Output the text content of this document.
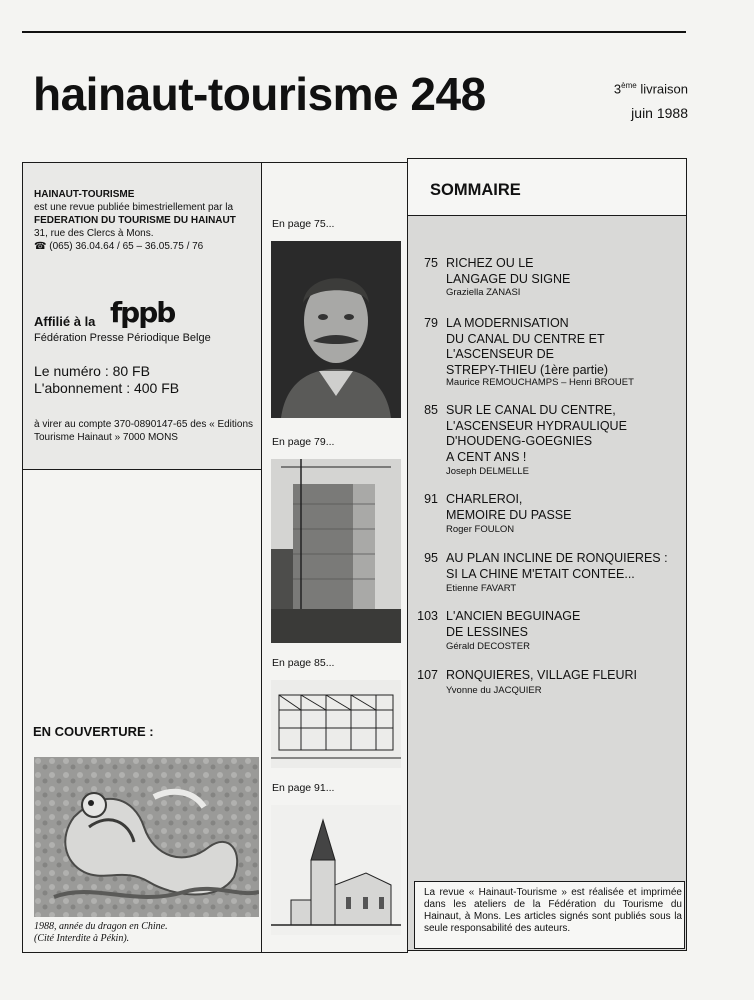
hainaut-tourisme 248	3ème livraison
juin 1988
HAINAUT-TOURISME
est une revue publiée bimestriellement par la
FEDERATION DU TOURISME DU HAINAUT
31, rue des Clercs à Mons.
☎ (065) 36.04.64 / 65 – 36.05.75 / 76
Affilié à la fppb
Fédération Presse Périodique Belge
Le numéro : 80 FB
L'abonnement : 400 FB
à virer au compte 370-0890147-65 des « Editions Tourisme Hainaut » 7000 MONS
EN COUVERTURE :
1988, année du dragon en Chine.
(Cité Interdite à Pékin).
En page 75...
En page 79...
En page 85...
En page 91...
SOMMAIRE
75 RICHEZ OU LE
LANGAGE DU SIGNE
Graziella ZANASI
79 LA MODERNISATION
DU CANAL DU CENTRE ET
L'ASCENSEUR DE
STREPY-THIEU (1ère partie)
Maurice REMOUCHAMPS – Henri BROUET
85 SUR LE CANAL DU CENTRE,
L'ASCENSEUR HYDRAULIQUE
D'HOUDENG-GOEGNIES
A CENT ANS !
Joseph DELMELLE
91 CHARLEROI,
MEMOIRE DU PASSE
Roger FOULON
95 AU PLAN INCLINE DE RONQUIERES :
SI LA CHINE M'ETAIT CONTEE...
Etienne FAVART
103 L'ANCIEN BEGUINAGE
DE LESSINES
Gérald DECOSTER
107 RONQUIERES, VILLAGE FLEURI
Yvonne du JACQUIER
La revue « Hainaut-Tourisme » est réalisée et imprimée dans les ateliers de la Fédération du Tourisme du Hainaut, à Mons. Les articles signés sont publiés sous la seule responsabilité des auteurs.
